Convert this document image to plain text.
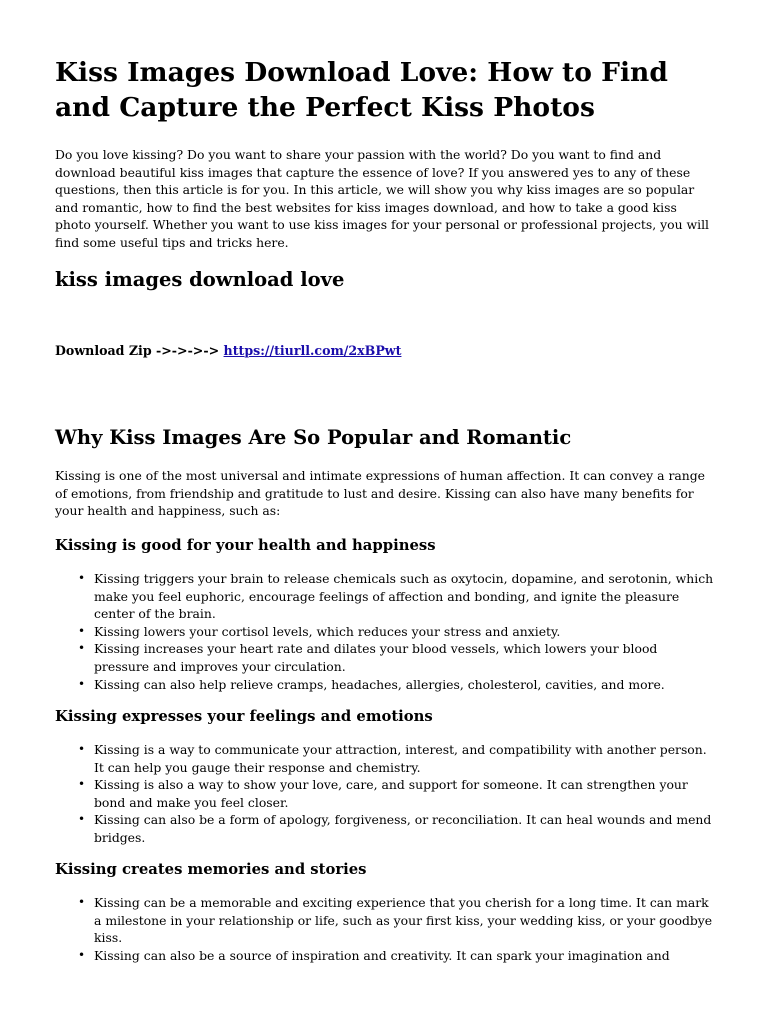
Kiss Images Download Love: How to Find and Capture the Perfect Kiss Photos

Do you love kissing? Do you want to share your passion with the world? Do you want to find and download beautiful kiss images that capture the essence of love? If you answered yes to any of these questions, then this article is for you. In this article, we will show you why kiss images are so popular and romantic, how to find the best websites for kiss images download, and how to take a good kiss photo yourself. Whether you want to use kiss images for your personal or professional projects, you will find some useful tips and tricks here.

kiss images download love

Download Zip ->->->-> https://tiurll.com/2xBPwt

Why Kiss Images Are So Popular and Romantic

Kissing is one of the most universal and intimate expressions of human affection. It can convey a range of emotions, from friendship and gratitude to lust and desire. Kissing can also have many benefits for your health and happiness, such as:

Kissing is good for your health and happiness
• Kissing triggers your brain to release chemicals such as oxytocin, dopamine, and serotonin, which make you feel euphoric, encourage feelings of affection and bonding, and ignite the pleasure center of the brain.
• Kissing lowers your cortisol levels, which reduces your stress and anxiety.
• Kissing increases your heart rate and dilates your blood vessels, which lowers your blood pressure and improves your circulation.
• Kissing can also help relieve cramps, headaches, allergies, cholesterol, cavities, and more.
Kissing expresses your feelings and emotions
• Kissing is a way to communicate your attraction, interest, and compatibility with another person. It can help you gauge their response and chemistry.
• Kissing is also a way to show your love, care, and support for someone. It can strengthen your bond and make you feel closer.
• Kissing can also be a form of apology, forgiveness, or reconciliation. It can heal wounds and mend bridges.
Kissing creates memories and stories
• Kissing can be a memorable and exciting experience that you cherish for a long time. It can mark a milestone in your relationship or life, such as your first kiss, your wedding kiss, or your goodbye kiss.
• Kissing can also be a source of inspiration and creativity. It can spark your imagination and
